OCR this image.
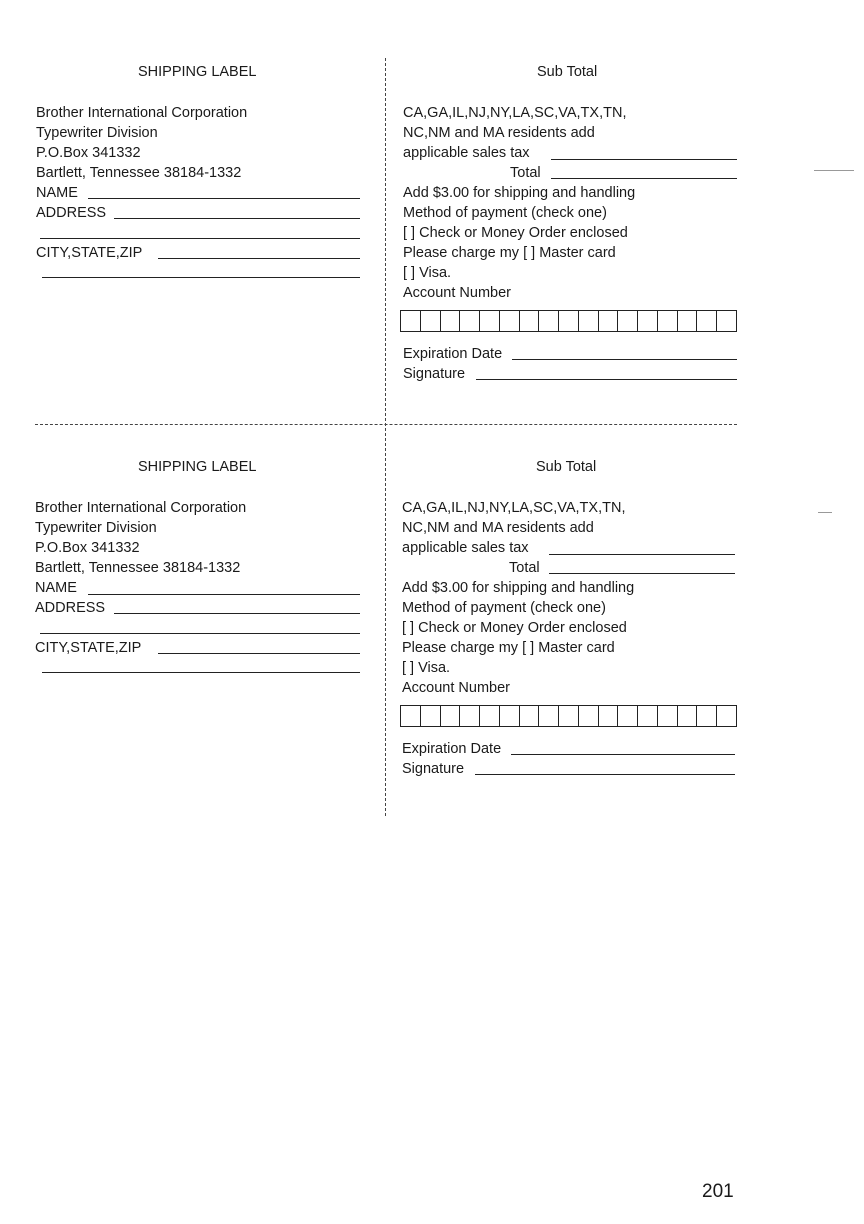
SHIPPING LABEL
Brother International Corporation
Typewriter Division
P.O.Box 341332
Bartlett, Tennessee 38184-1332
NAME
ADDRESS
CITY,STATE,ZIP
Sub Total
CA,GA,IL,NJ,NY,LA,SC,VA,TX,TN,
NC,NM and MA residents add
applicable sales tax
Total
Add $3.00 for shipping and handling
Method of payment (check one)
[ ] Check or Money Order enclosed
Please charge my [ ] Master card
[ ] Visa.
Account Number
Expiration Date
Signature
SHIPPING LABEL
Brother International Corporation
Typewriter Division
P.O.Box 341332
Bartlett, Tennessee 38184-1332
NAME
ADDRESS
CITY,STATE,ZIP
Sub Total
CA,GA,IL,NJ,NY,LA,SC,VA,TX,TN,
NC,NM and MA residents add
applicable sales tax
Total
Add $3.00 for shipping and handling
Method of payment (check one)
[ ] Check or Money Order enclosed
Please charge my [ ] Master card
[ ] Visa.
Account Number
Expiration Date
Signature
201
